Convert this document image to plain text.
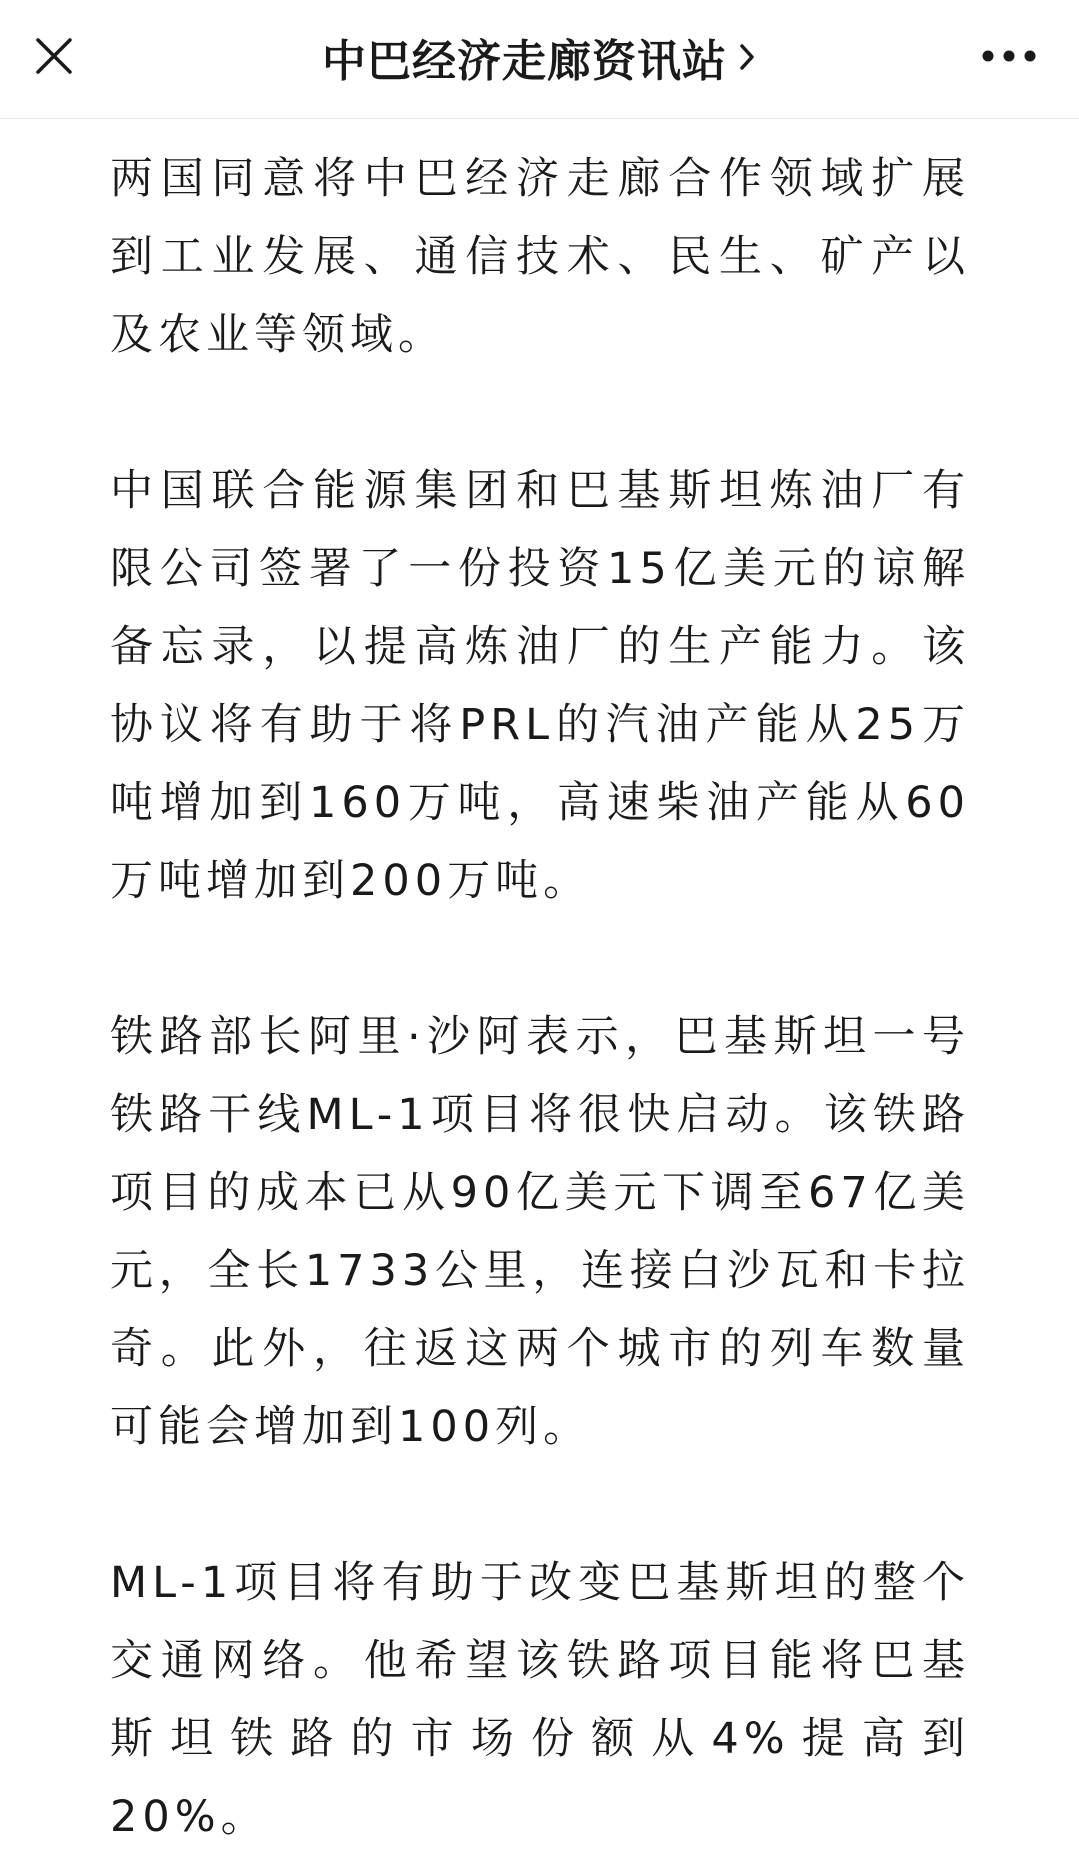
中巴经济走廊资讯站

两国同意将中巴经济走廊合作领域扩展到工业发展、通信技术、民生、矿产以及农业等领域。

中国联合能源集团和巴基斯坦炼油厂有限公司签署了一份投资15亿美元的谅解备忘录，以提高炼油厂的生产能力。该协议将有助于将PRL的汽油产能从25万吨增加到160万吨，高速柴油产能从60万吨增加到200万吨。

铁路部长阿里·沙阿表示，巴基斯坦一号铁路干线ML-1项目将很快启动。该铁路项目的成本已从90亿美元下调至67亿美元，全长1733公里，连接白沙瓦和卡拉奇。此外，往返这两个城市的列车数量可能会增加到100列。

ML-1项目将有助于改变巴基斯坦的整个交通网络。他希望该铁路项目能将巴基斯坦铁路的市场份额从4%提高到20%。
